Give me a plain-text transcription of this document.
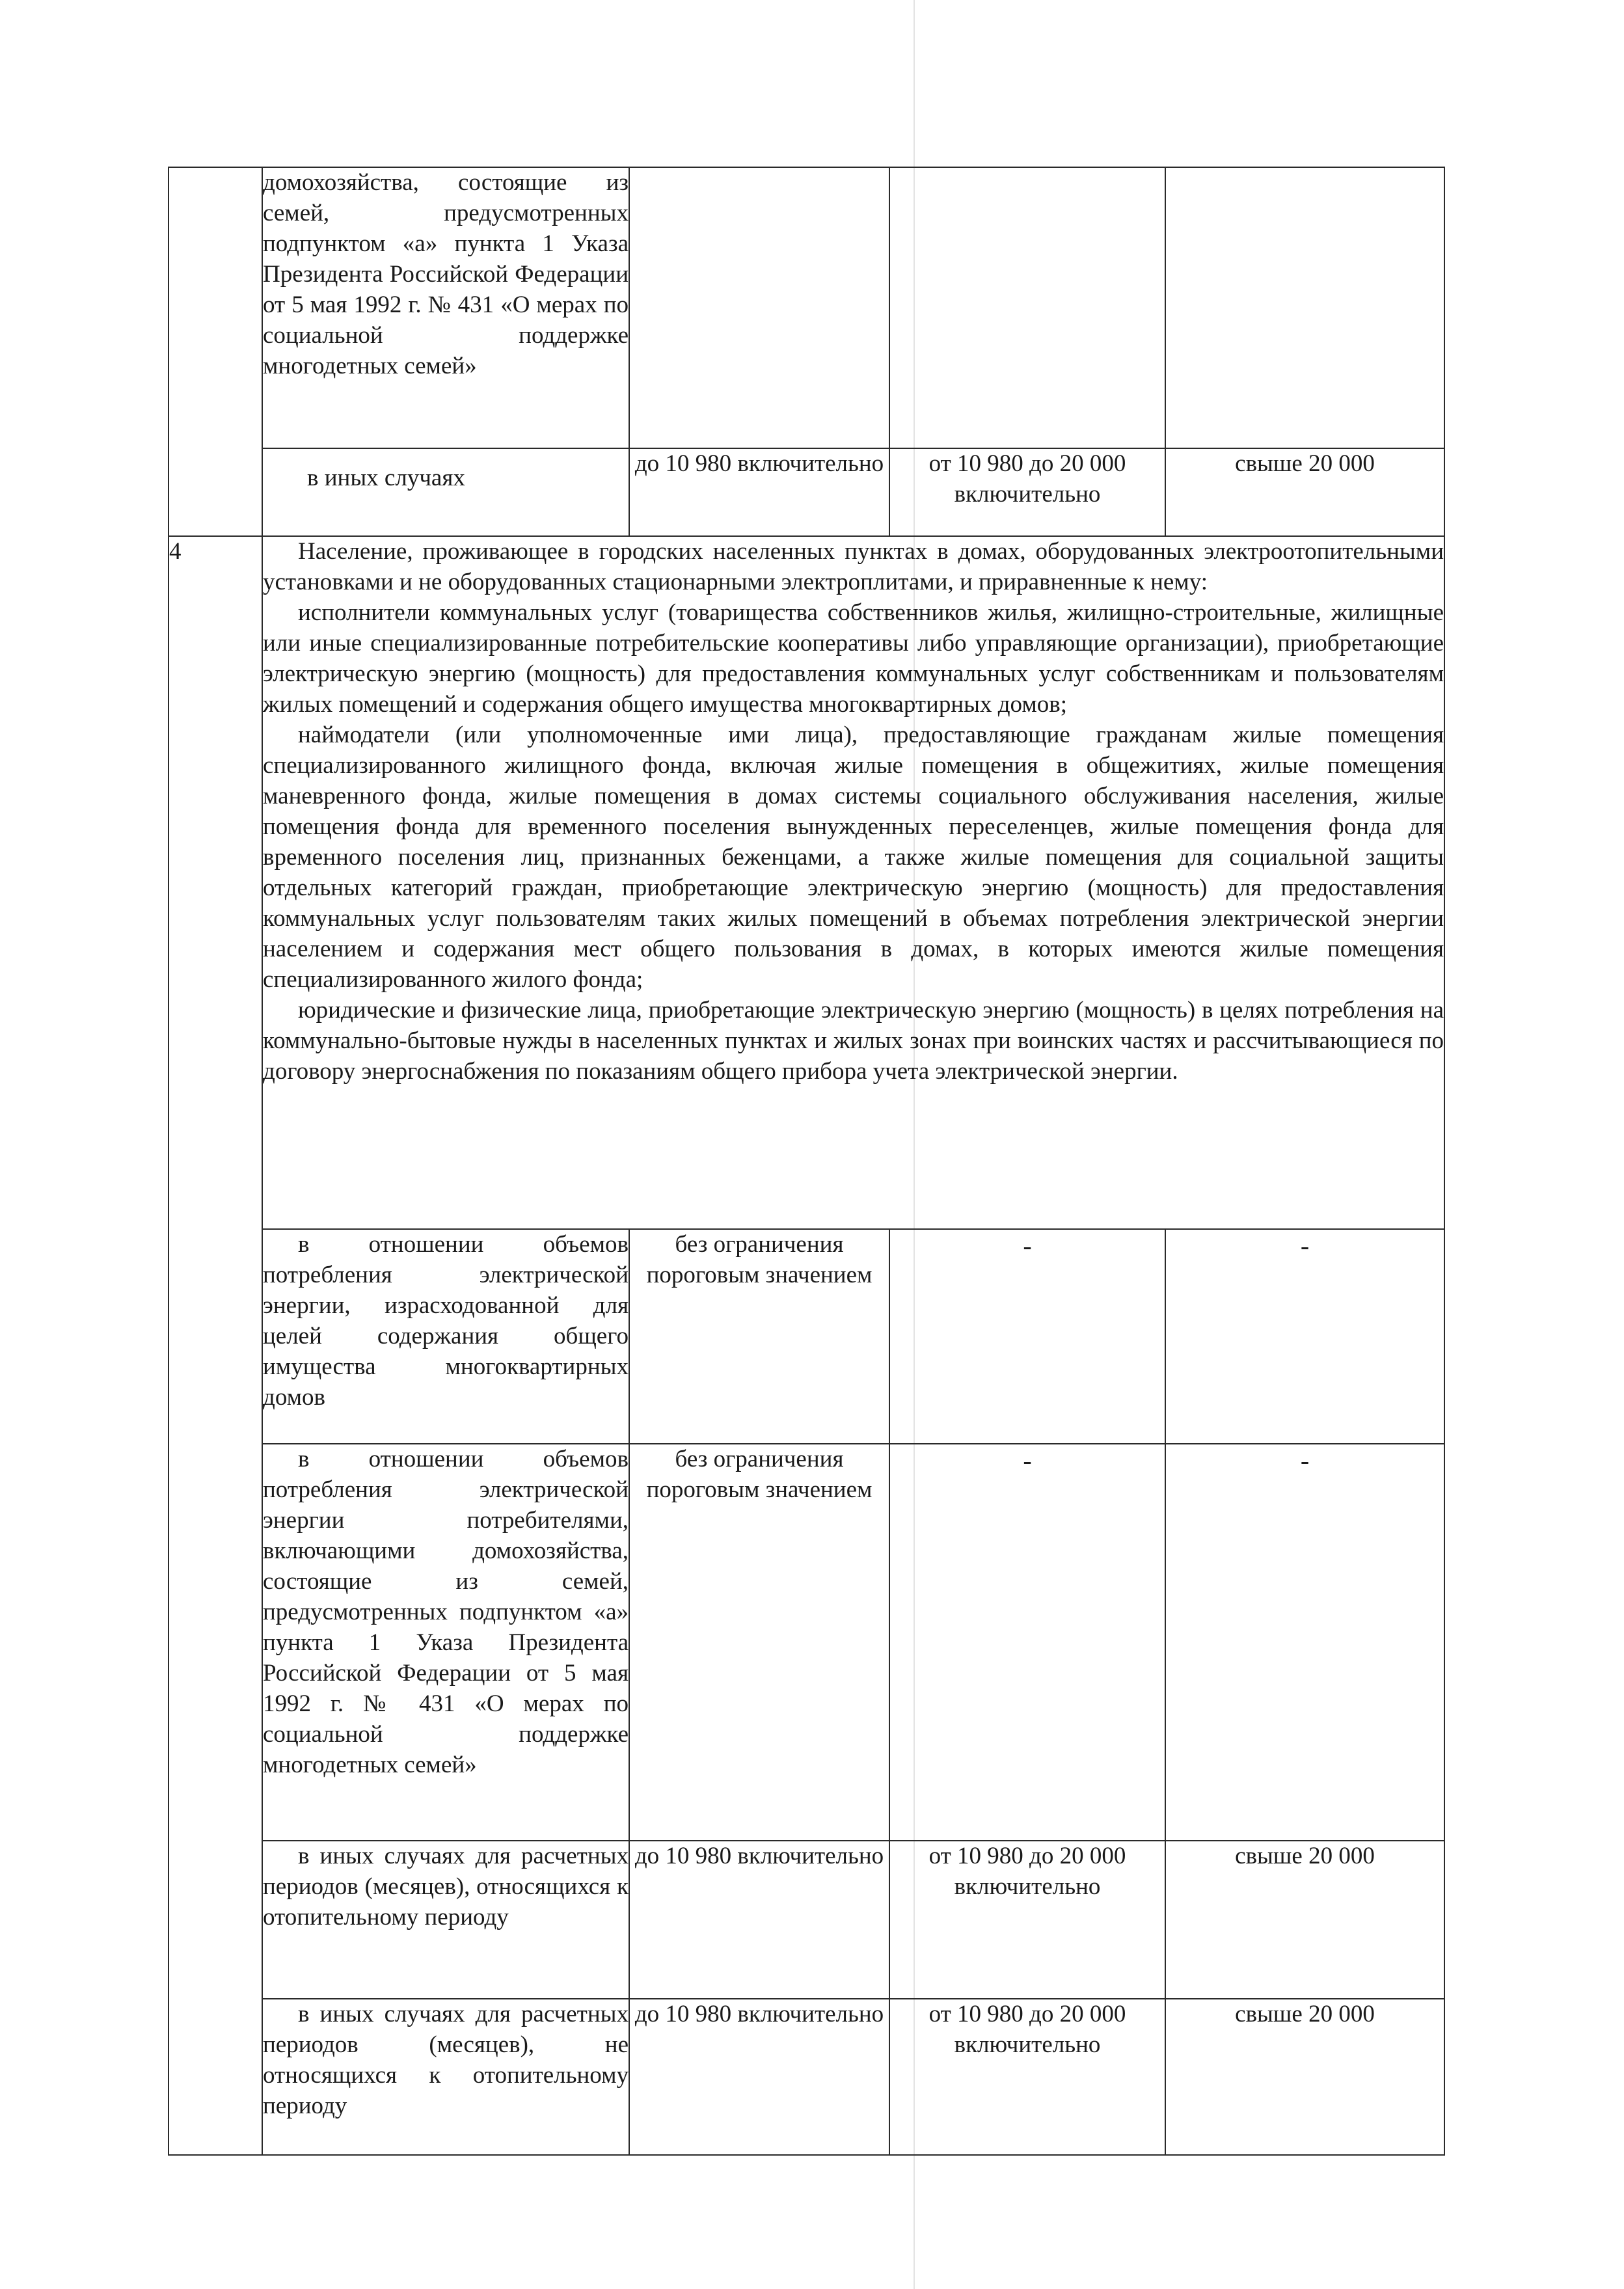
	домохозяйства, состоящие из семей, предусмотренных подпунктом «а» пункта 1 Указа Президента Российской Федерации от 5 мая 1992 г. № 431 «О мерах по социальной поддержке многодетных семей»			
	в иных случаях	до 10 980 включительно	от 10 980 до 20 000 включительно	свыше 20 000
4	Население, проживающее в городских населенных пунктах в домах, оборудованных электроотопительными установками и не оборудованных стационарными электроплитами, и приравненные к нему:

исполнители коммунальных услуг (товарищества собственников жилья, жилищно-строительные, жилищные или иные специализированные потребительские кооперативы либо управляющие организации), приобретающие электрическую энергию (мощность) для предоставления коммунальных услуг собственникам и пользователям жилых помещений и содержания общего имущества многоквартирных домов;

наймодатели (или уполномоченные ими лица), предоставляющие гражданам жилые помещения специализированного жилищного фонда, включая жилые помещения в общежитиях, жилые помещения маневренного фонда, жилые помещения в домах системы социального обслуживания населения, жилые помещения фонда для временного поселения вынужденных переселенцев, жилые помещения фонда для временного поселения лиц, признанных беженцами, а также жилые помещения для социальной защиты отдельных категорий граждан, приобретающие электрическую энергию (мощность) для предоставления коммунальных услуг пользователям таких жилых помещений в объемах потребления электрической энергии населением и содержания мест общего пользования в домах, в которых имеются жилые помещения специализированного жилого фонда;

юридические и физические лица, приобретающие электрическую энергию (мощность) в целях потребления на коммунально-бытовые нужды в населенных пунктах и жилых зонах при воинских частях и рассчитывающиеся по договору энергоснабжения по показаниям общего прибора учета электрической энергии.			

	в отношении объемов потребления электрической энергии, израсходованной для целей содержания общего имущества многоквартирных домов	без ограничения пороговым значением	-	-
	в отношении объемов потребления электрической энергии потребителями, включающими домохозяйства, состоящие из семей, предусмотренных подпунктом «а» пункта 1 Указа Президента Российской Федерации от 5 мая 1992 г. № 431 «О мерах по социальной поддержке многодетных семей»	без ограничения пороговым значением	-	-
	в иных случаях для расчетных периодов (месяцев), относящихся к отопительному периоду	до 10 980 включительно	от 10 980 до 20 000 включительно	свыше 20 000
	в иных случаях для расчетных периодов (месяцев), не относящихся к отопительному периоду	до 10 980 включительно	от 10 980 до 20 000 включительно	свыше 20 000
